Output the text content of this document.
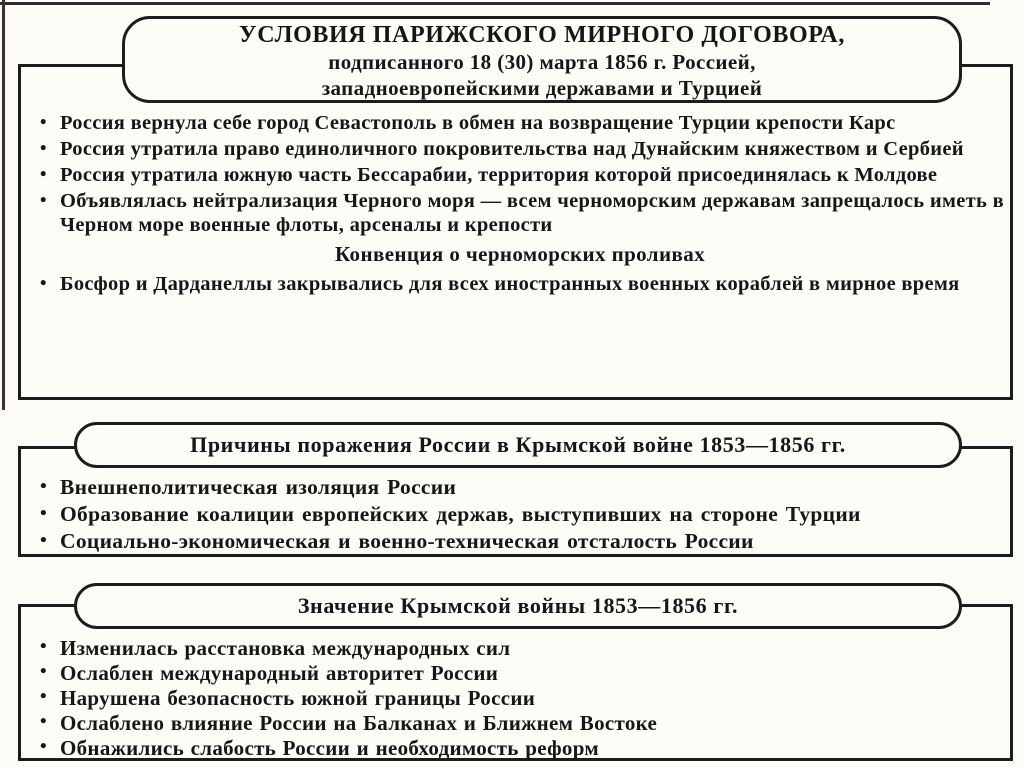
УСЛОВИЯ ПАРИЖСКОГО МИРНОГО ДОГОВОРА,
подписанного 18 (30) марта 1856 г. Россией,
западноевропейскими державами и Турцией
• Россия вернула себе город Севастополь в обмен на возвращение Турции крепости Карс
• Россия утратила право единоличного покровительства над Дунайским княжеством и Сербией
• Россия утратила южную часть Бессарабии, территория которой присоединялась к Молдове
• Объявлялась нейтрализация Черного моря — всем черноморским державам запрещалось иметь в Черном море военные флоты, арсеналы и крепости
Конвенция о черноморских проливах
• Босфор и Дарданеллы закрывались для всех иностранных военных кораблей в мирное время
Причины поражения России в Крымской войне 1853—1856 гг.
• Внешнеполитическая изоляция России
• Образование коалиции европейских держав, выступивших на стороне Турции
• Социально-экономическая и военно-техническая отсталость России
Значение Крымской войны 1853—1856 гг.
• Изменилась расстановка международных сил
• Ослаблен международный авторитет России
• Нарушена безопасность южной границы России
• Ослаблено влияние России на Балканах и Ближнем Востоке
• Обнажились слабость России и необходимость реформ
